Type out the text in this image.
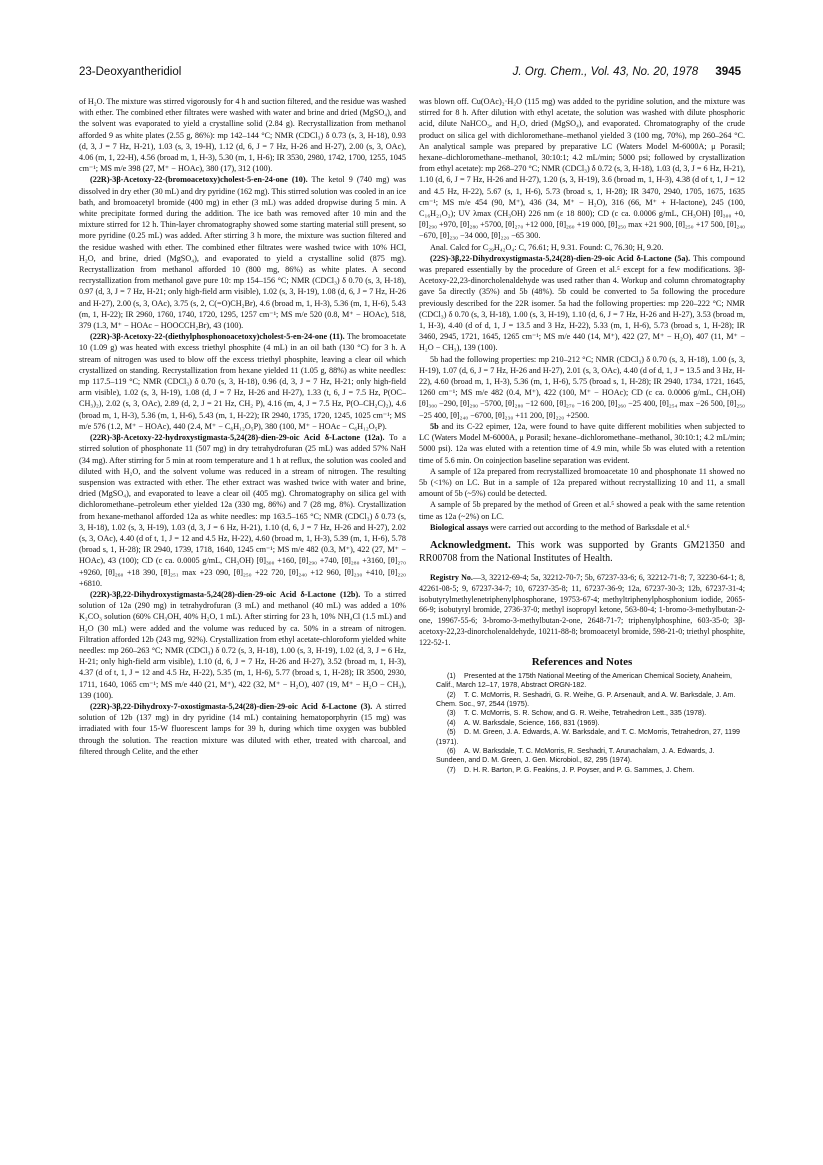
23-Deoxyantheridiol	J. Org. Chem., Vol. 43, No. 20, 1978 3945

of H₂O. The mixture was stirred vigorously for 4 h and suction filtered, and the residue was washed with ether. The combined ether filtrates were washed with water and brine and dried (MgSO₄), and the solvent was evaporated to yield a crystalline solid (2.84 g). Recrystallization from methanol afforded 9 as white plates (2.55 g, 86%): mp 142–144 °C; NMR (CDCl₃) δ 0.73 (s, 3, H-18), 0.93 (d, 3, J = 7 Hz, H-21), 1.03 (s, 3, 19-H), 1.12 (d, 6, J = 7 Hz, H-26 and H-27), 2.00 (s, 3, OAc), 4.06 (m, 1, 22-H), 4.56 (broad m, 1, H-3), 5.30 (m, 1, H-6); IR 3530, 2980, 1742, 1700, 1255, 1045 cm⁻¹; MS m/e 398 (27, M⁺ − HOAc), 380 (17), 312 (100).

(22R)-3β-Acetoxy-22-(bromoacetoxy)cholest-5-en-24-one (10). The ketol 9 (740 mg) was dissolved in dry ether (30 mL) and dry pyridine (162 mg). This stirred solution was cooled in an ice bath, and bromoacetyl bromide (400 mg) in ether (3 mL) was added dropwise during 5 min. A white precipitate formed during the addition. The ice bath was removed after 10 min and the mixture stirred for 12 h. Thin-layer chromatography showed some starting material still present, so more pyridine (0.25 mL) was added. After stirring 3 h more, the mixture was suction filtered and the residue washed with ether. The combined ether filtrates were washed twice with 10% HCl, H₂O, and brine, dried (MgSO₄), and evaporated to yield a crystalline solid (875 mg). Recrystallization from methanol afforded 10 (800 mg, 86%) as white plates. A second recrystallization from methanol gave pure 10: mp 154–156 °C; NMR (CDCl₃) δ 0.70 (s, 3, H-18), 0.97 (d, 3, J = 7 Hz, H-21; only high-field arm visible), 1.02 (s, 3, H-19), 1.08 (d, 6, J = 7 Hz, H-26 and H-27), 2.00 (s, 3, OAc), 3.75 (s, 2, C(=O)CH₂Br), 4.6 (broad m, 1, H-3), 5.36 (m, 1, H-6), 5.43 (m, 1, H-22); IR 2960, 1760, 1740, 1720, 1295, 1257 cm⁻¹; MS m/e 520 (0.8, M⁺ − HOAc), 518, 379 (1.3, M⁺ − HOAc − HOOCCH₂Br), 43 (100).

(22R)-3β-Acetoxy-22-(diethylphosphonoacetoxy)cholest-5-en-24-one (11). The bromoacetate 10 (1.09 g) was heated with excess triethyl phosphite (4 mL) in an oil bath (130 °C) for 3 h. A stream of nitrogen was used to blow off the excess triethyl phosphite, leaving a clear oil which crystallized on standing. Recrystallization from hexane yielded 11 (1.05 g, 88%) as white needles: mp 117.5–119 °C; NMR (CDCl₃) δ 0.70 (s, 3, H-18), 0.96 (d, 3, J = 7 Hz, H-21; only high-field arm visible), 1.02 (s, 3, H-19), 1.08 (d, J = 7 Hz, H-26 and H-27), 1.33 (t, 6, J = 7.5 Hz, P(OC–CH₃)₂), 2.02 (s, 3, OAc), 2.89 (d, 2, J = 21 Hz, CH₂ P), 4.16 (m, 4, J = 7.5 Hz, P(O–CH₂C)₂), 4.6 (broad m, 1, H-3), 5.36 (m, 1, H-6), 5.43 (m, 1, H-22); IR 2940, 1735, 1720, 1245, 1025 cm⁻¹; MS m/e 576 (1.2, M⁺ − HOAc), 440 (2.4, M⁺ − C₆H₁₂O₅P), 380 (100, M⁺ − HOAc − C₆H₁₂O₅P).

(22R)-3β-Acetoxy-22-hydroxystigmasta-5,24(28)-dien-29-oic Acid δ-Lactone (12a). To a stirred solution of phosphonate 11 (507 mg) in dry tetrahydrofuran (25 mL) was added 57% NaH (34 mg). After stirring for 5 min at room temperature and 1 h at reflux, the solution was cooled and diluted with H₂O, and the solvent volume was reduced in a stream of nitrogen. The resulting suspension was extracted with ether. The ether extract was washed twice with water and brine, dried (MgSO₄), and evaporated to leave a clear oil (405 mg). Chromatography on silica gel with dichloromethane–petroleum ether yielded 12a (330 mg, 86%) and 7 (28 mg, 8%). Crystallization from hexane-methanol afforded 12a as white needles: mp 163.5–165 °C; NMR (CDCl₃) δ 0.73 (s, 3, H-18), 1.02 (s, 3, H-19), 1.03 (d, 3, J = 6 Hz, H-21), 1.10 (d, 6, J = 7 Hz, H-26 and H-27), 2.02 (s, 3, OAc), 4.40 (d of t, 1, J = 12 and 4.5 Hz, H-22), 4.60 (broad m, 1, H-3), 5.39 (m, 1, H-6), 5.78 (broad s, 1, H-28); IR 2940, 1739, 1718, 1640, 1245 cm⁻¹; MS m/e 482 (0.3, M⁺), 422 (27, M⁺ − HOAc), 43 (100); CD (c ca. 0.0005 g/mL, CH₃OH) [θ]₃₀₀ +160, [θ]₂₉₀ +740, [θ]₂₈₀ +3160, [θ]₂₇₀ +9260, [θ]₂₆₀ +18 390, [θ]₂₅₁ max +23 090, [θ]₂₅₀ +22 720, [θ]₂₄₀ +12 960, [θ]₂₃₀ +410, [θ]₂₂₀ +6810.

(22R)-3β,22-Dihydroxystigmasta-5,24(28)-dien-29-oic Acid δ-Lactone (12b). To a stirred solution of 12a (290 mg) in tetrahydrofuran (3 mL) and methanol (40 mL) was added a 10% K₂CO₃ solution (60% CH₃OH, 40% H₂O, 1 mL). After stirring for 23 h, 10% NH₄Cl (1.5 mL) and H₂O (30 mL) were added and the volume was reduced by ca. 50% in a stream of nitrogen. Filtration afforded 12b (243 mg, 92%). Crystallization from ethyl acetate-chloroform yielded white needles: mp 260–263 °C; NMR (CDCl₃) δ 0.72 (s, 3, H-18), 1.00 (s, 3, H-19), 1.02 (d, 3, J = 6 Hz, H-21; only high-field arm visible), 1.10 (d, 6, J = 7 Hz, H-26 and H-27), 3.52 (broad m, 1, H-3), 4.37 (d of t, 1, J = 12 and 4.5 Hz, H-22), 5.35 (m, 1, H-6), 5.77 (broad s, 1, H-28); IR 3500, 2930, 1711, 1640, 1065 cm⁻¹; MS m/e 440 (21, M⁺), 422 (32, M⁺ − H₂O), 407 (19, M⁺ − H₂O − CH₃), 139 (100).

(22R)-3β,22-Dihydroxy-7-oxostigmasta-5,24(28)-dien-29-oic Acid δ-Lactone (3). A stirred solution of 12b (137 mg) in dry pyridine (14 mL) containing hematoporphyrin (15 mg) was irradiated with four 15-W fluorescent lamps for 39 h, during which time oxygen was bubbled through the solution. The reaction mixture was diluted with ether, treated with charcoal, and filtered through Celite, and the ether

was blown off. Cu(OAc)₂·H₂O (115 mg) was added to the pyridine solution, and the mixture was stirred for 8 h. After dilution with ethyl acetate, the solution was washed with dilute phosphoric acid, dilute NaHCO₃, and H₂O, dried (MgSO₄), and evaporated. Chromatography of the crude product on silica gel with dichloromethane–methanol yielded 3 (100 mg, 70%), mp 260–264 °C. An analytical sample was prepared by preparative LC (Waters Model M-6000A; μ Porasil; hexane–dichloromethane–methanol, 30:10:1; 4.2 mL/min; 5000 psi; followed by crystallization from ethyl acetate): mp 268–270 °C; NMR (CDCl₃) δ 0.72 (s, 3, H-18), 1.03 (d, 3, J = 6 Hz, H-21), 1.10 (d, 6, J = 7 Hz, H-26 and H-27), 1.20 (s, 3, H-19), 3.6 (broad m, 1, H-3), 4.38 (d of t, 1, J = 12 and 4.5 Hz, H-22), 5.67 (s, 1, H-6), 5.73 (broad s, 1, H-28); IR 3470, 2940, 1705, 1675, 1635 cm⁻¹; MS m/e 454 (90, M⁺), 436 (34, M⁺ − H₂O), 316 (66, M⁺ + H-lactone), 245 (100, C₁₆H₂₁O₂); UV λmax (CH₃OH) 226 nm (ε 18 800); CD (c ca. 0.0006 g/mL, CH₃OH) [θ]₃₀₀ +0, [θ]₂₉₀ +970, [θ]₂₈₀ +5700, [θ]₂₇₀ +12 000, [θ]₂₆₀ +19 000, [θ]₂₅₀ max +21 900, [θ]₂₅₀ +17 500, [θ]₂₄₀ −670, [θ]₂₃₀ −34 000, [θ]₂₂₀ −65 300.

Anal. Calcd for C₂₉H₄₂O₄: C, 76.61; H, 9.31. Found: C, 76.30; H, 9.20.

(22S)-3β,22-Dihydroxystigmasta-5,24(28)-dien-29-oic Acid δ-Lactone (5a). This compound was prepared essentially by the procedure of Green et al.⁵ except for a few modifications. 3β-Acetoxy-22,23-dinorcholenaldehyde was used rather than 4. Workup and column chromatography gave 5a directly (35%) and 5b (48%). 5b could be converted to 5a following the procedure previously described for the 22R isomer. 5a had the following properties: mp 220–222 °C; NMR (CDCl₃) δ 0.70 (s, 3, H-18), 1.00 (s, 3, H-19), 1.10 (d, 6, J = 7 Hz, H-26 and H-27), 3.53 (broad m, 1, H-3), 4.40 (d of d, 1, J = 13.5 and 3 Hz, H-22), 5.33 (m, 1, H-6), 5.73 (broad s, 1, H-28); IR 3460, 2945, 1721, 1645, 1265 cm⁻¹; MS m/e 440 (14, M⁺), 422 (27, M⁺ − H₂O), 407 (11, M⁺ − H₂O − CH₃), 139 (100).

5b had the following properties: mp 210–212 °C; NMR (CDCl₃) δ 0.70 (s, 3, H-18), 1.00 (s, 3, H-19), 1.07 (d, 6, J = 7 Hz, H-26 and H-27), 2.01 (s, 3, OAc), 4.40 (d of d, 1, J = 13.5 and 3 Hz, H-22), 4.60 (broad m, 1, H-3), 5.36 (m, 1, H-6), 5.75 (broad s, 1, H-28); IR 2940, 1734, 1721, 1645, 1260 cm⁻¹; MS m/e 482 (0.4, M⁺), 422 (100, M⁺ − HOAc); CD (c ca. 0.0006 g/mL, CH₃OH) [θ]₃₀₀ −290, [θ]₂₉₀ −5700, [θ]₂₈₀ −12 600, [θ]₂₇₀ −16 200, [θ]₂₆₀ −25 400, [θ]₂₅₄ max −26 500, [θ]₂₅₀ −25 400, [θ]₂₄₀ −6700, [θ]₂₃₀ +11 200, [θ]₂₂₀ +2500.

5b and its C-22 epimer, 12a, were found to have quite different mobilities when subjected to LC (Waters Model M-6000A, μ Porasil; hexane–dichloromethane–methanol, 30:10:1; 4.2 mL/min; 5000 psi). 12a was eluted with a retention time of 4.9 min, while 5b was eluted with a retention time of 5.6 min. On coinjection baseline separation was evident.

A sample of 12a prepared from recrystallized bromoacetate 10 and phosphonate 11 showed no 5b (<1%) on LC. But in a sample of 12a prepared without recrystallizing 10 and 11, a small amount of 5b (~5%) could be detected.

A sample of 5b prepared by the method of Green et al.⁵ showed a peak with the same retention time as 12a (~2%) on LC.

Biological assays were carried out according to the method of Barksdale et al.⁶

Acknowledgment. This work was supported by Grants GM21350 and RR00708 from the National Institutes of Health.

Registry No.—3, 32212-69-4; 5a, 32212-70-7; 5b, 67237-33-6; 6, 32212-71-8; 7, 32230-64-1; 8, 42261-08-5; 9, 67237-34-7; 10, 67237-35-8; 11, 67237-36-9; 12a, 67237-30-3; 12b, 67237-31-4; isobutyrylmethylenetriphenylphosphorane, 19753-67-4; methyltriphenylphosphonium iodide, 2065-66-9; isobutyryl bromide, 2736-37-0; methyl isopropyl ketone, 563-80-4; 1-bromo-3-methylbutan-2-one, 19967-55-6; 3-bromo-3-methylbutan-2-one, 2648-71-7; triphenylphosphine, 603-35-0; 3β-acetoxy-22,23-dinorcholenaldehyde, 10211-88-8; bromoacetyl bromide, 598-21-0; triethyl phosphite, 122-52-1.

References and Notes

(1) Presented at the 175th National Meeting of the American Chemical Society, Anaheim, Calif., March 12–17, 1978, Abstract ORGN-182.

(2) T. C. McMorris, R. Seshadri, G. R. Weihe, G. P. Arsenault, and A. W. Barksdale, J. Am. Chem. Soc., 97, 2544 (1975).

(3) T. C. McMorris, S. R. Schow, and G. R. Weihe, Tetrahedron Lett., 335 (1978).

(4) A. W. Barksdale, Science, 166, 831 (1969).

(5) D. M. Green, J. A. Edwards, A. W. Barksdale, and T. C. McMorris, Tetrahedron, 27, 1199 (1971).

(6) A. W. Barksdale, T. C. McMorris, R. Seshadri, T. Arunachalam, J. A. Edwards, J. Sundeen, and D. M. Green, J. Gen. Microbiol., 82, 295 (1974).

(7) D. H. R. Barton, P. G. Feakins, J. P. Poyser, and P. G. Sammes, J. Chem.
